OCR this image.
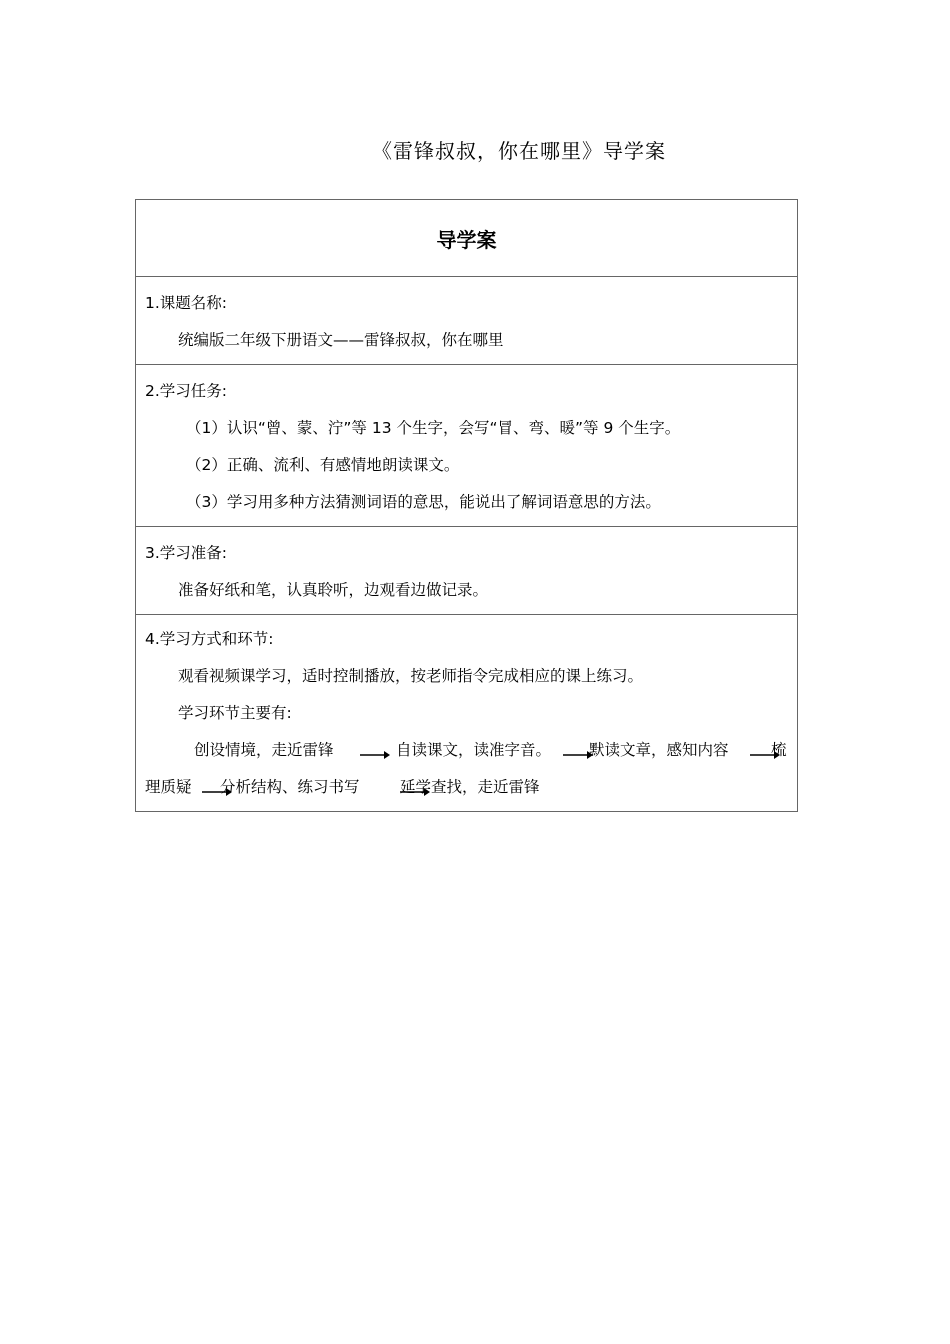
《雷锋叔叔，你在哪里》导学案
导学案
1.课题名称:
统编版二年级下册语文——雷锋叔叔，你在哪里
2.学习任务:
（1）认识“曾、蒙、泞”等 13 个生字，会写“冒、弯、暖”等 9 个生字。
（2）正确、流利、有感情地朗读课文。
（3）学习用多种方法猜测词语的意思，能说出了解词语意思的方法。
3.学习准备:
准备好纸和笔，认真聆听，边观看边做记录。
4.学习方式和环节:
观看视频课学习，适时控制播放，按老师指令完成相应的课上练习。
学习环节主要有:
创设情境，走近雷锋	自读课文，读准字音。 默读文章，感知内容	梳
理质疑 分析结构、练习书写	延学查找，走近雷锋
